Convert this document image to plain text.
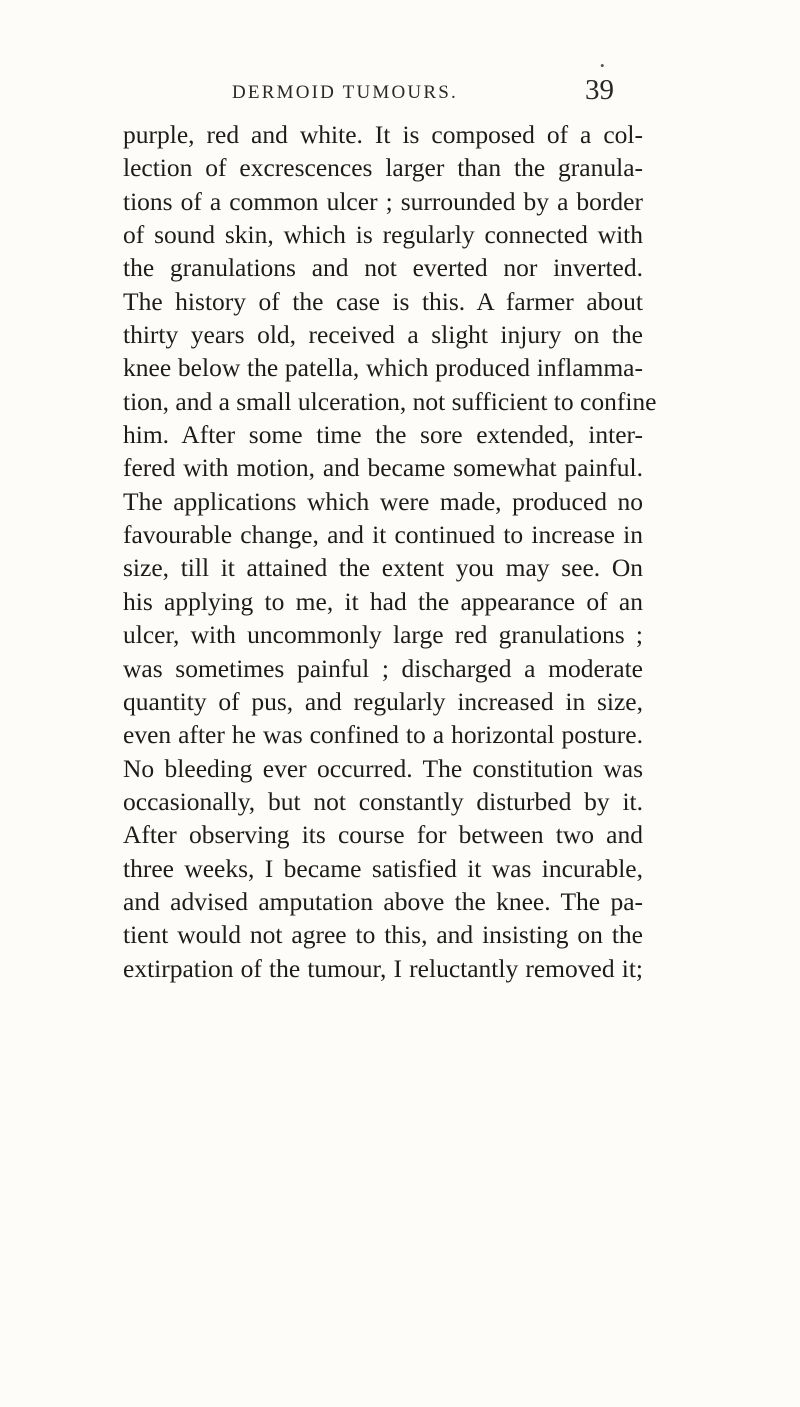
•
DERMOID TUMOURS.	39
purple, red and white. It is composed of a col-
lection of excrescences larger than the granula-
tions of a common ulcer ; surrounded by a border
of sound skin, which is regularly connected with
the granulations and not everted nor inverted.
The history of the case is this. A farmer about
thirty years old, received a slight injury on the
knee below the patella, which produced inflamma-
tion, and a small ulceration, not sufficient to confine
him. After some time the sore extended, inter-
fered with motion, and became somewhat painful.
The applications which were made, produced no
favourable change, and it continued to increase in
size, till it attained the extent you may see. On
his applying to me, it had the appearance of an
ulcer, with uncommonly large red granulations ;
was sometimes painful ; discharged a moderate
quantity of pus, and regularly increased in size,
even after he was confined to a horizontal posture.
No bleeding ever occurred. The constitution was
occasionally, but not constantly disturbed by it.
After observing its course for between two and
three weeks, I became satisfied it was incurable,
and advised amputation above the knee. The pa-
tient would not agree to this, and insisting on the
extirpation of the tumour, I reluctantly removed it;
